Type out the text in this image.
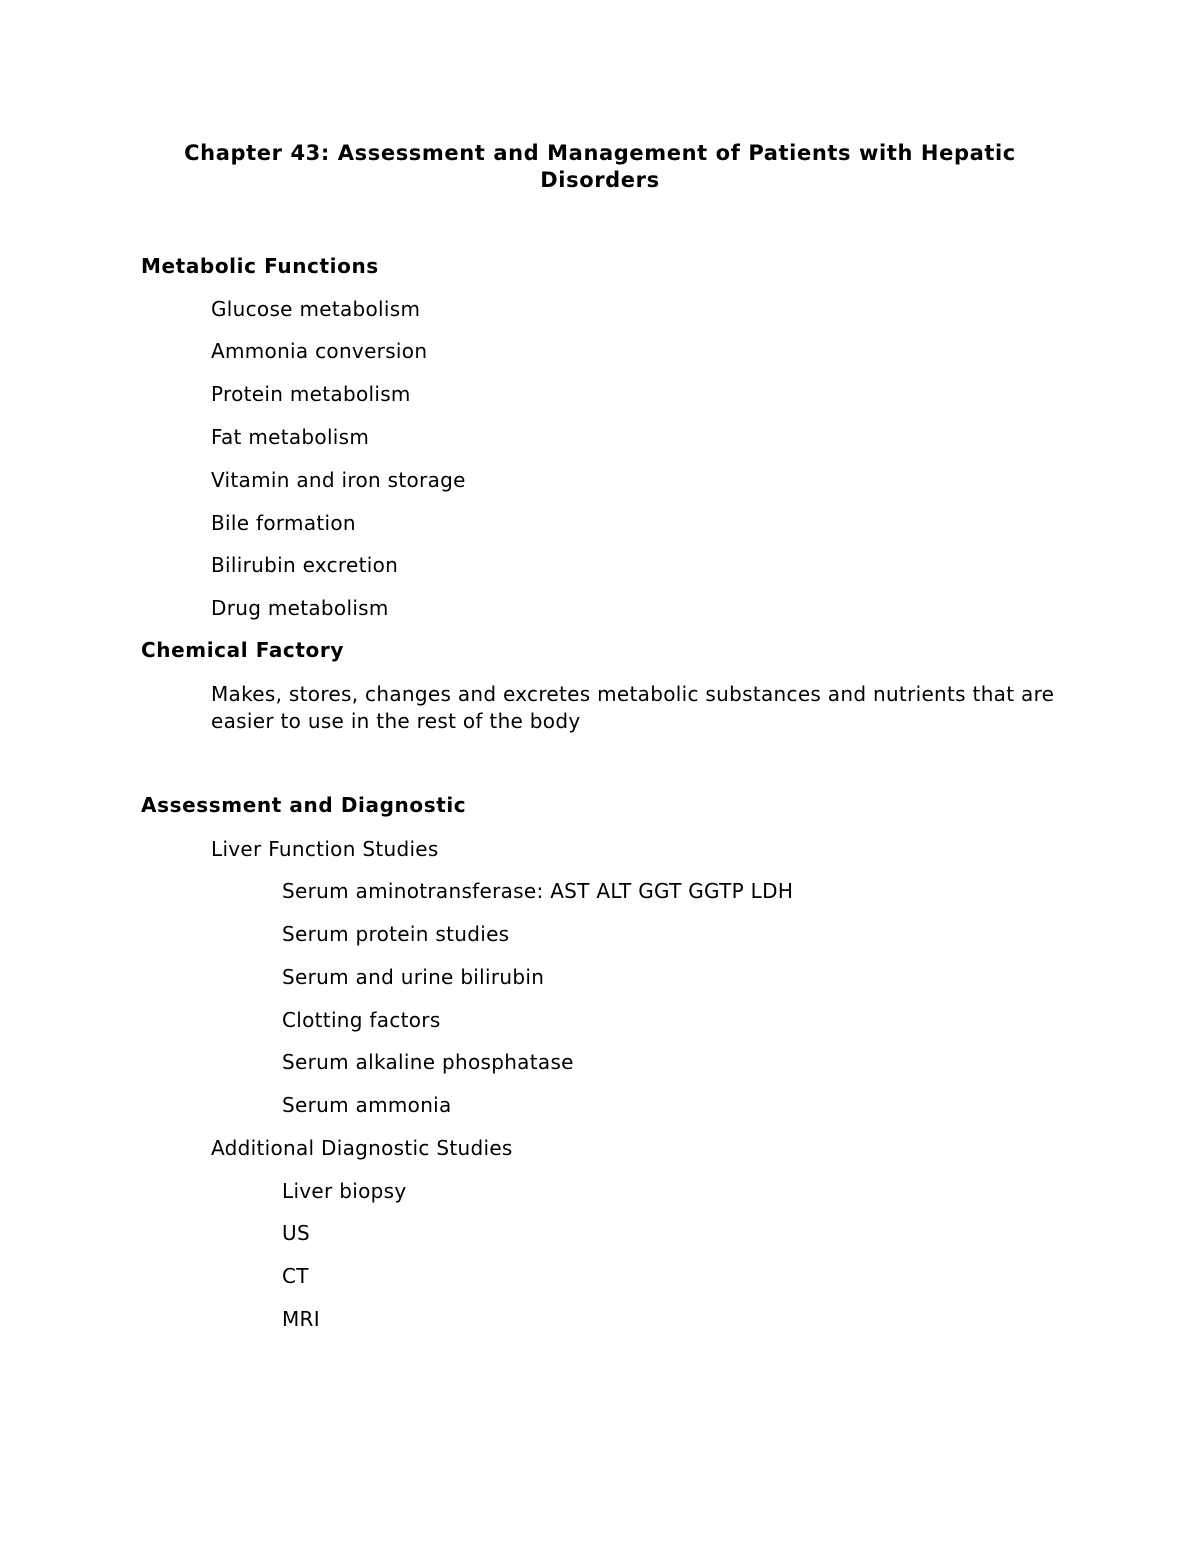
Chapter 43: Assessment and Management of Patients with Hepatic Disorders
Metabolic Functions
Glucose metabolism
Ammonia conversion
Protein metabolism
Fat metabolism
Vitamin and iron storage
Bile formation
Bilirubin excretion
Drug metabolism
Chemical Factory
Makes, stores, changes and excretes metabolic substances and nutrients that are easier to use in the rest of the body
Assessment and Diagnostic
Liver Function Studies
Serum aminotransferase: AST ALT GGT GGTP LDH
Serum protein studies
Serum and urine bilirubin
Clotting factors
Serum alkaline phosphatase
Serum ammonia
Additional Diagnostic Studies
Liver biopsy
US
CT
MRI
